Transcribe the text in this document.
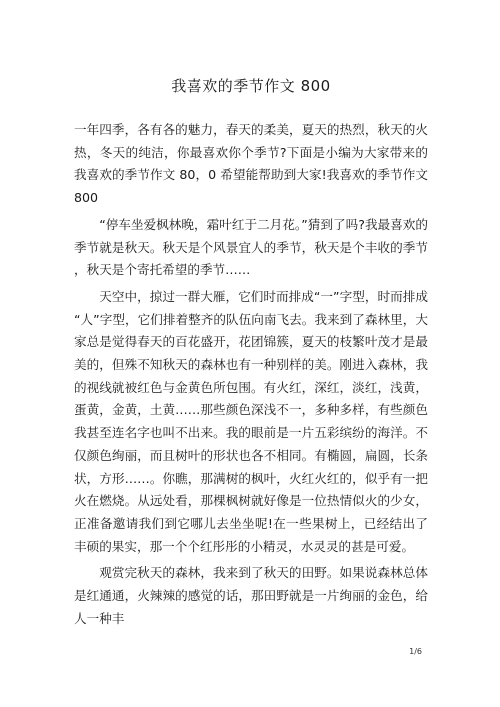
我喜欢的季节作文 800

一年四季，各有各的魅力，春天的柔美，夏天的热烈，秋天的火热，冬天的纯洁，你最喜欢你个季节?下面是小编为大家带来的我喜欢的季节作文 80，0 希望能帮助到大家!我喜欢的季节作文 800

“停车坐爱枫林晚，霜叶红于二月花。”猜到了吗?我最喜欢的季节就是秋天。秋天是个风景宜人的季节，秋天是个丰收的季节，秋天是个寄托希望的季节……

天空中，掠过一群大雁，它们时而排成“一”字型，时而排成“人”字型，它们排着整齐的队伍向南飞去。我来到了森林里，大家总是觉得春天的百花盛开，花团锦簇，夏天的枝繁叶茂才是最美的，但殊不知秋天的森林也有一种别样的美。刚进入森林，我的视线就被红色与金黄色所包围。有火红，深红，淡红，浅黄，蛋黄，金黄，土黄……那些颜色深浅不一，多种多样，有些颜色我甚至连名字也叫不出来。我的眼前是一片五彩缤纷的海洋。不仅颜色绚丽，而且树叶的形状也各不相同。有椭圆，扁圆，长条状，方形……。你瞧，那满树的枫叶，火红火红的，似乎有一把火在燃烧。从远处看，那棵枫树就好像是一位热情似火的少女，正准备邀请我们到它哪儿去坐坐呢!在一些果树上，已经结出了丰硕的果实，那一个个红彤彤的小精灵，水灵灵的甚是可爱。

观赏完秋天的森林，我来到了秋天的田野。如果说森林总体是红通通，火辣辣的感觉的话，那田野就是一片绚丽的金色，给人一种丰

1/6
